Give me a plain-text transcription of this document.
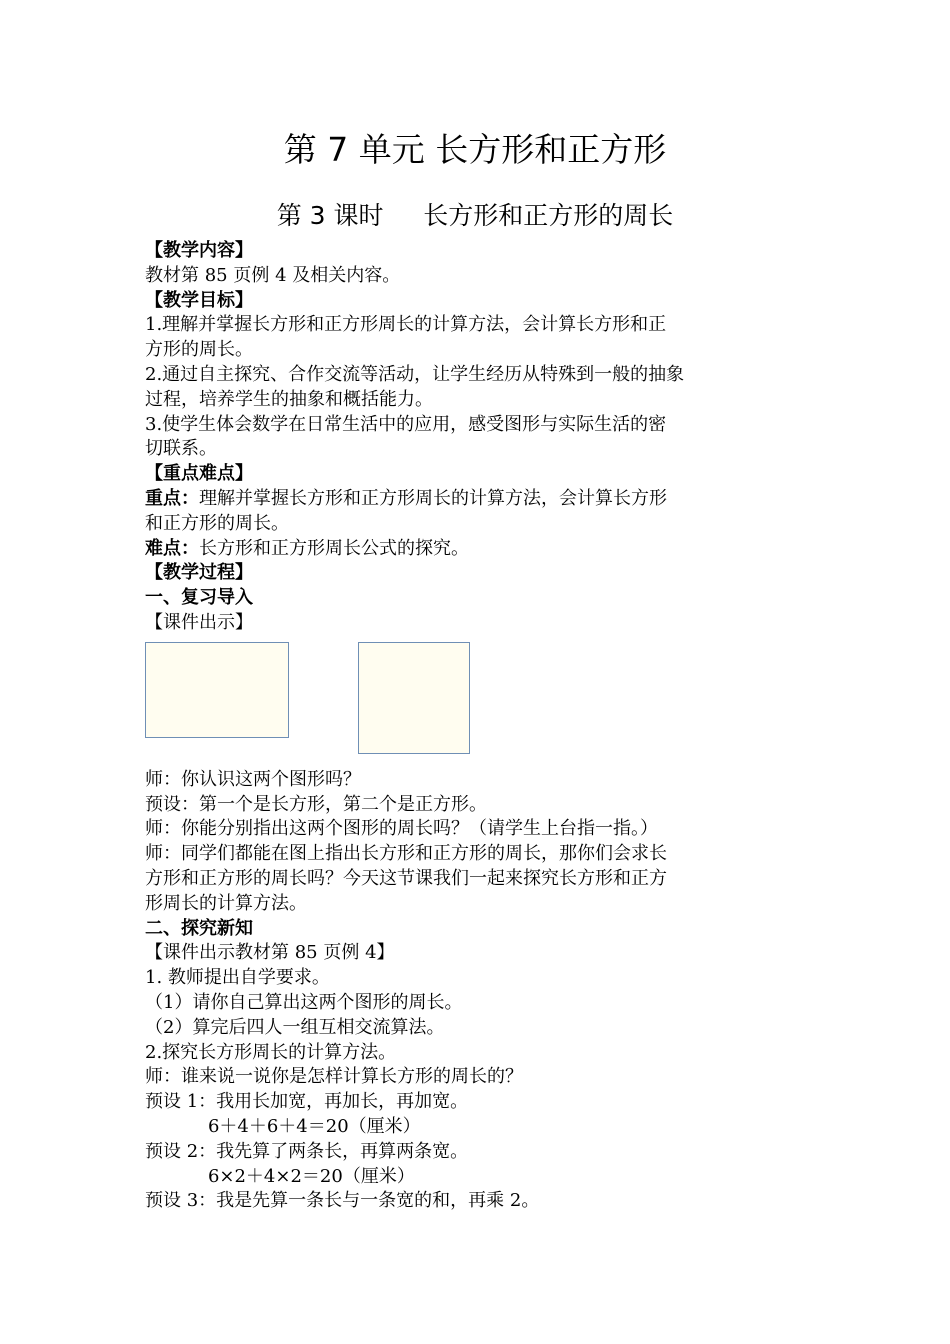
第 7 单元 长方形和正方形
第 3 课时     长方形和正方形的周长

【教学内容】

教材第 85 页例 4 及相关内容。

【教学目标】

1.理解并掌握长方形和正方形周长的计算方法，会计算长方形和正

方形的周长。

2.通过自主探究、合作交流等活动，让学生经历从特殊到一般的抽象

过程，培养学生的抽象和概括能力。

3.使学生体会数学在日常生活中的应用，感受图形与实际生活的密

切联系。

【重点难点】

重点：理解并掌握长方形和正方形周长的计算方法，会计算长方形

和正方形的周长。

难点：长方形和正方形周长公式的探究。

【教学过程】

一、复习导入

【课件出示】

师：你认识这两个图形吗？

预设：第一个是长方形，第二个是正方形。

师：你能分别指出这两个图形的周长吗？（请学生上台指一指。）

师：同学们都能在图上指出长方形和正方形的周长，那你们会求长

方形和正方形的周长吗？今天这节课我们一起来探究长方形和正方

形周长的计算方法。

二、探究新知

【课件出示教材第 85 页例 4】

1. 教师提出自学要求。

（1）请你自己算出这两个图形的周长。

（2）算完后四人一组互相交流算法。

2.探究长方形周长的计算方法。

师：谁来说一说你是怎样计算长方形的周长的？

预设 1：我用长加宽，再加长，再加宽。

6＋4＋6＋4＝20（厘米）

预设 2：我先算了两条长，再算两条宽。

6×2＋4×2＝20（厘米）

预设 3：我是先算一条长与一条宽的和，再乘 2。
